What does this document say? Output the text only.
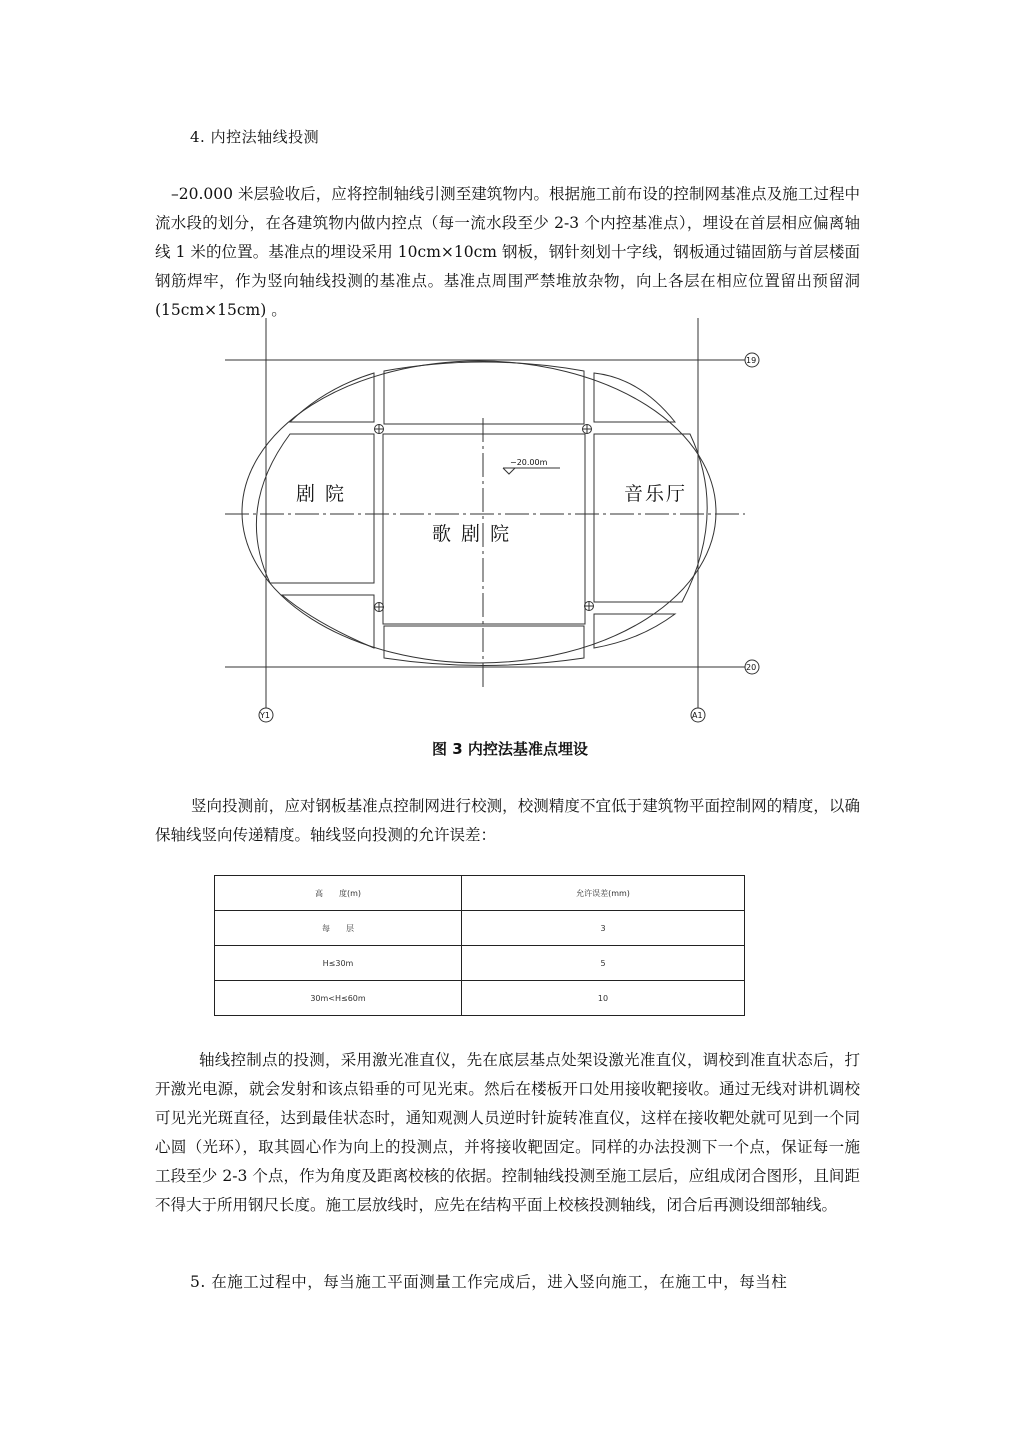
4. 内控法轴线投测
–20.000 米层验收后，应将控制轴线引测至建筑物内。根据施工前布设的控制网基准点及施工过程中流水段的划分，在各建筑物内做内控点（每一流水段至少 2-3 个内控基准点），埋设在首层相应偏离轴线 1 米的位置。基准点的埋设采用 10cm×10cm 钢板，钢针刻划十字线，钢板通过锚固筋与首层楼面钢筋焊牢，作为竖向轴线投测的基准点。基准点周围严禁堆放杂物，向上各层在相应位置留出预留洞(15cm×15cm) 。
−20.00m
剧 院	音乐厅
歌 剧 院
19
20
Y1	A1
图 3 内控法基准点埋设
竖向投测前，应对钢板基准点控制网进行校测，校测精度不宜低于建筑物平面控制网的精度，以确保轴线竖向传递精度。轴线竖向投测的允许误差：
高　　度(m)	允许误差(mm)
每　　层	3
H≤30m	5
30m<H≤60m	10
轴线控制点的投测，采用激光准直仪，先在底层基点处架设激光准直仪，调校到准直状态后，打开激光电源，就会发射和该点铅垂的可见光束。然后在楼板开口处用接收靶接收。通过无线对讲机调校可见光光斑直径，达到最佳状态时，通知观测人员逆时针旋转准直仪，这样在接收靶处就可见到一个同心圆（光环），取其圆心作为向上的投测点，并将接收靶固定。同样的办法投测下一个点，保证每一施工段至少 2-3 个点，作为角度及距离校核的依据。控制轴线投测至施工层后，应组成闭合图形，且间距不得大于所用钢尺长度。施工层放线时，应先在结构平面上校核投测轴线，闭合后再测设细部轴线。
5. 在施工过程中，每当施工平面测量工作完成后，进入竖向施工，在施工中，每当柱
